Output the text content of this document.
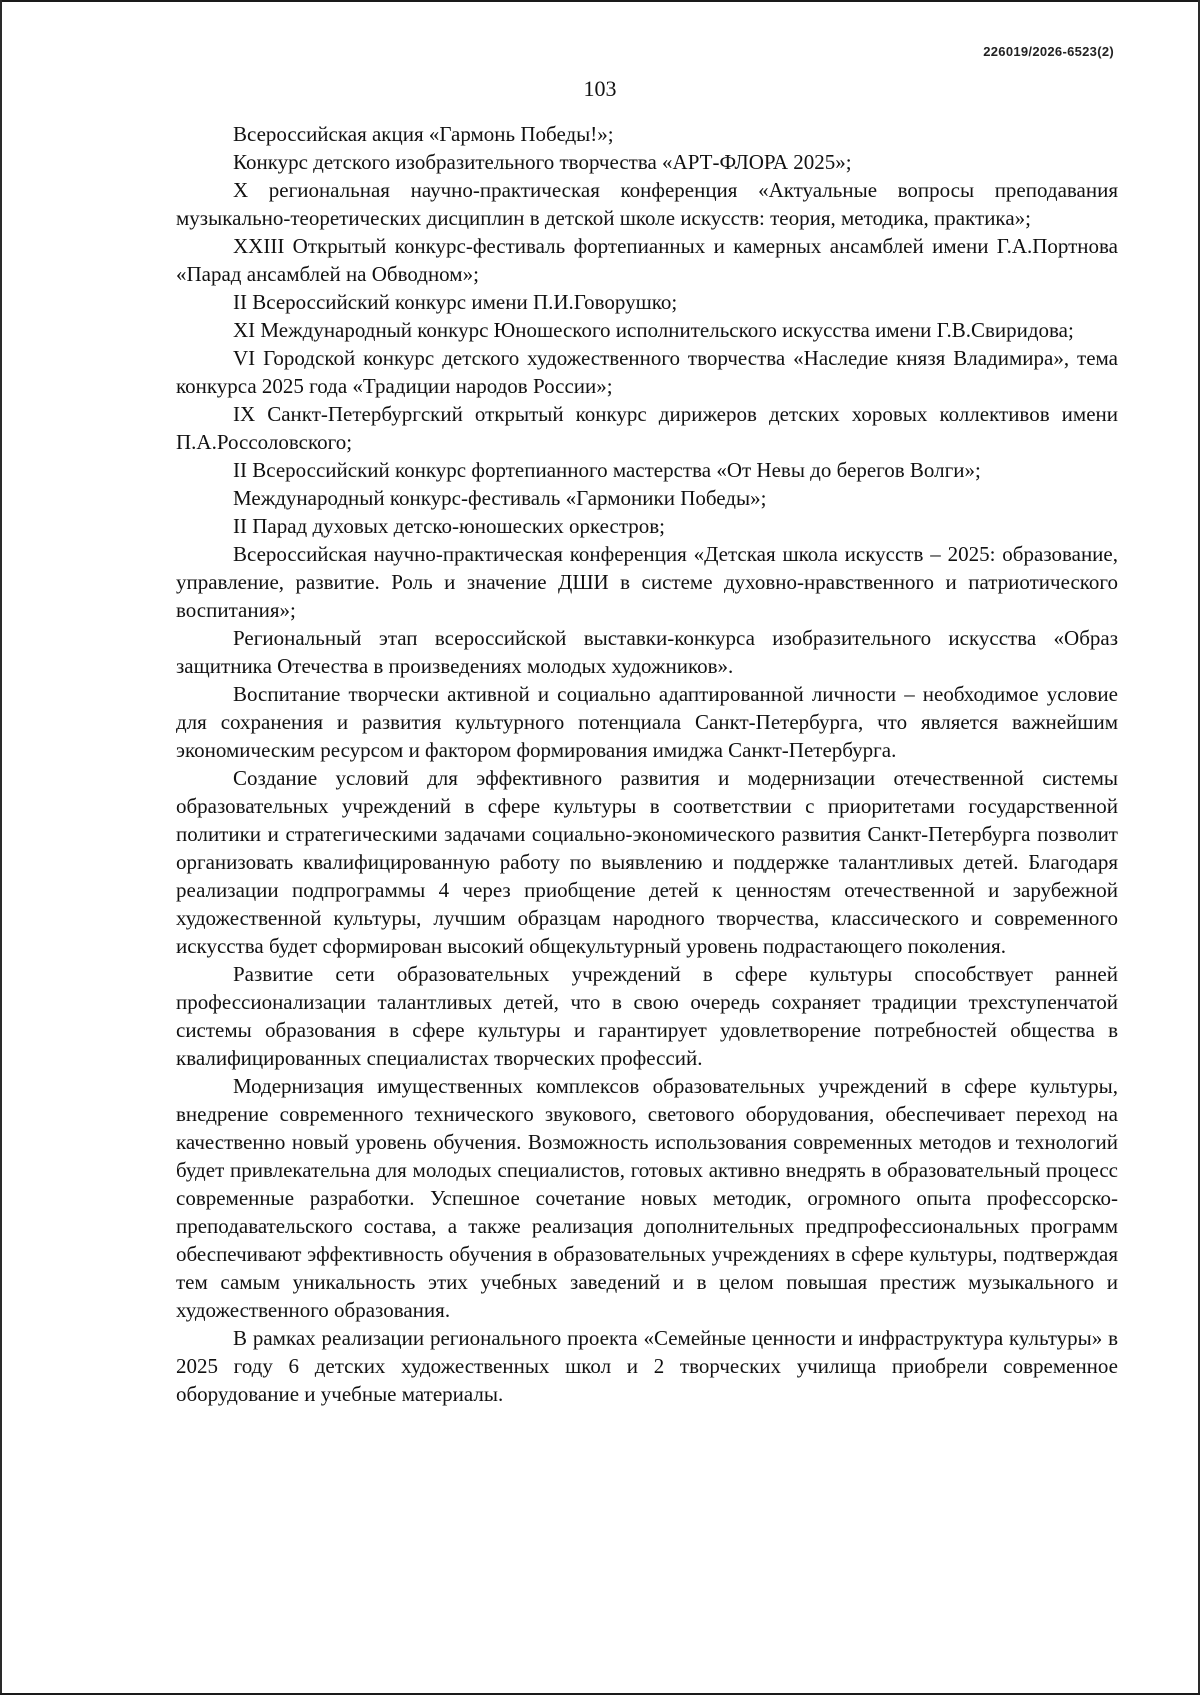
226019/2026-6523(2)
103

Всероссийская акция «Гармонь Победы!»;

Конкурс детского изобразительного творчества «АРТ-ФЛОРА 2025»;

X региональная научно-практическая конференция «Актуальные вопросы преподавания музыкально-теоретических дисциплин в детской школе искусств: теория, методика, практика»;

XXIII Открытый конкурс-фестиваль фортепианных и камерных ансамблей имени Г.А.Портнова «Парад ансамблей на Обводном»;

II Всероссийский конкурс имени П.И.Говорушко;

XI Международный конкурс Юношеского исполнительского искусства имени Г.В.Свиридова;

VI Городской конкурс детского художественного творчества «Наследие князя Владимира», тема конкурса 2025 года «Традиции народов России»;

IX Санкт-Петербургский открытый конкурс дирижеров детских хоровых коллективов имени П.А.Россоловского;

II Всероссийский конкурс фортепианного мастерства «От Невы до берегов Волги»;

Международный конкурс-фестиваль «Гармоники Победы»;

II Парад духовых детско-юношеских оркестров;

Всероссийская научно-практическая конференция «Детская школа искусств – 2025: образование, управление, развитие. Роль и значение ДШИ в системе духовно-нравственного и патриотического воспитания»;

Региональный этап всероссийской выставки-конкурса изобразительного искусства «Образ защитника Отечества в произведениях молодых художников».

Воспитание творчески активной и социально адаптированной личности – необходимое условие для сохранения и развития культурного потенциала Санкт-Петербурга, что является важнейшим экономическим ресурсом и фактором формирования имиджа Санкт-Петербурга.

Создание условий для эффективного развития и модернизации отечественной системы образовательных учреждений в сфере культуры в соответствии с приоритетами государственной политики и стратегическими задачами социально-экономического развития Санкт-Петербурга позволит организовать квалифицированную работу по выявлению и поддержке талантливых детей. Благодаря реализации подпрограммы 4 через приобщение детей к ценностям отечественной и зарубежной художественной культуры, лучшим образцам народного творчества, классического и современного искусства будет сформирован высокий общекультурный уровень подрастающего поколения.

Развитие сети образовательных учреждений в сфере культуры способствует ранней профессионализации талантливых детей, что в свою очередь сохраняет традиции трехступенчатой системы образования в сфере культуры и гарантирует удовлетворение потребностей общества в квалифицированных специалистах творческих профессий.

Модернизация имущественных комплексов образовательных учреждений в сфере культуры, внедрение современного технического звукового, светового оборудования, обеспечивает переход на качественно новый уровень обучения. Возможность использования современных методов и технологий будет привлекательна для молодых специалистов, готовых активно внедрять в образовательный процесс современные разработки. Успешное сочетание новых методик, огромного опыта профессорско-преподавательского состава, а также реализация дополнительных предпрофессиональных программ обеспечивают эффективность обучения в образовательных учреждениях в сфере культуры, подтверждая тем самым уникальность этих учебных заведений и в целом повышая престиж музыкального и художественного образования.

В рамках реализации регионального проекта «Семейные ценности и инфраструктура культуры» в 2025 году 6 детских художественных школ и 2 творческих училища приобрели современное оборудование и учебные материалы.
